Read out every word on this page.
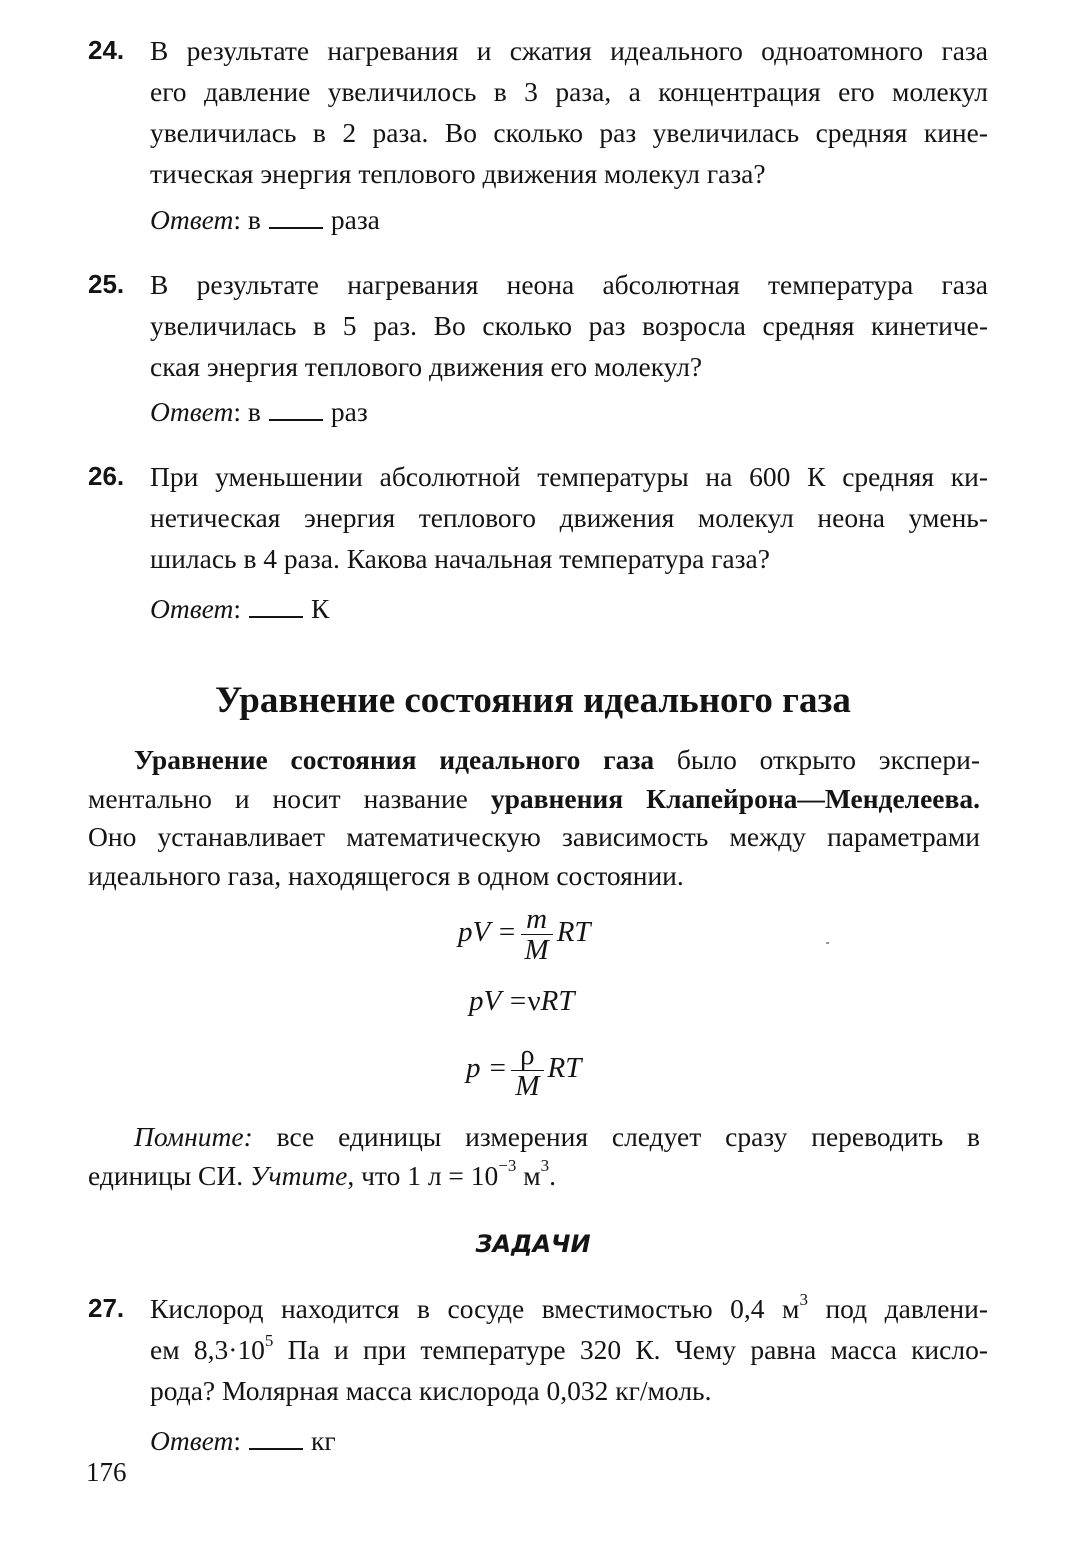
24. В результате нагревания и сжатия идеального одноатомного газа
его давление увеличилось в 3 раза, а концентрация его молекул
увеличилась в 2 раза. Во сколько раз увеличилась средняя кине-
тическая энергия теплового движения молекул газа?
Ответ: в	раза
25. В результате нагревания неона абсолютная температура газа
увеличилась в 5 раз. Во сколько раз возросла средняя кинетиче-
ская энергия теплового движения его молекул?
Ответ: в	раз
26. При уменьшении абсолютной температуры на 600 К средняя ки-
нетическая энергия теплового движения молекул неона умень-
шилась в 4 раза. Какова начальная температура газа?
Ответ:	К
Уравнение состояния идеального газа
Уравнение состояния идеального газа было открыто экспери-
ментально и носит название уравнения Клапейрона—Менделеева.
Оно устанавливает математическую зависимость между параметрами
идеального газа, находящегося в одном состоянии.
pV = $\frac{m}{M}$ RT
pV =νRT
$p = \frac{\rho}{M}$ RT
Помните: все единицы измерения следует сразу переводить в
единицы СИ. Учтите, что 1 $л = 10^{-3}$ $м^3$.
ЗАДАЧИ
27. Кислород находится в сосуде вместимостью 0,4 $м^3$ под давлени-
ем $8,3\cdot 10^5$ Па и при температуре 320 К. Чему равна масса кисло-
рода? Молярная масса кислорода 0,032 кг/моль.
Ответ:	кг
176
